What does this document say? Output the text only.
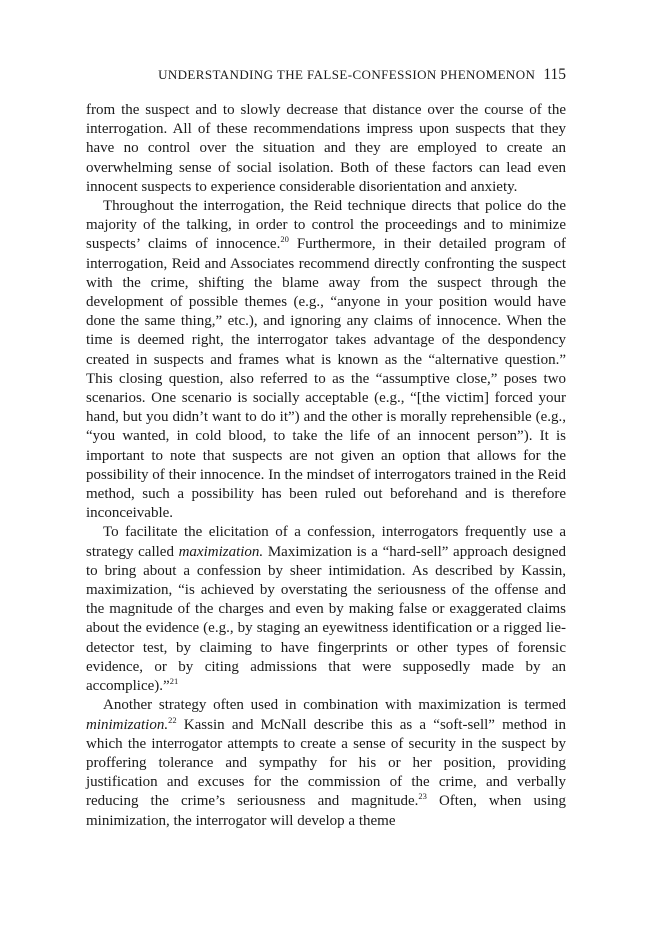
UNDERSTANDING THE FALSE-CONFESSION PHENOMENON 115

from the suspect and to slowly decrease that distance over the course of the interrogation. All of these recommendations impress upon suspects that they have no control over the situation and they are employed to create an overwhelming sense of social isolation. Both of these factors can lead even innocent suspects to experience considerable disorientation and anxiety.

Throughout the interrogation, the Reid technique directs that police do the majority of the talking, in order to control the proceedings and to minimize suspects’ claims of innocence.$^{20}$ Furthermore, in their detailed program of interrogation, Reid and Associates recommend directly confronting the suspect with the crime, shifting the blame away from the suspect through the development of possible themes (e.g., “anyone in your position would have done the same thing,” etc.), and ignoring any claims of innocence. When the time is deemed right, the interrogator takes advantage of the despondency created in suspects and frames what is known as the “alternative question.” This closing question, also referred to as the “assumptive close,” poses two scenarios. One scenario is socially acceptable (e.g., “[the victim] forced your hand, but you didn’t want to do it”) and the other is morally reprehensible (e.g., “you wanted, in cold blood, to take the life of an innocent person”). It is important to note that suspects are not given an option that allows for the possibility of their innocence. In the mindset of interrogators trained in the Reid method, such a possibility has been ruled out beforehand and is therefore inconceivable.

To facilitate the elicitation of a confession, interrogators frequently use a strategy called maximization. Maximization is a “hard-sell” approach designed to bring about a confession by sheer intimidation. As described by Kassin, maximization, “is achieved by overstating the seriousness of the offense and the magnitude of the charges and even by making false or exaggerated claims about the evidence (e.g., by staging an eyewitness identification or a rigged lie-detector test, by claiming to have fingerprints or other types of forensic evidence, or by citing admissions that were supposedly made by an accomplice).”$^{21}$

Another strategy often used in combination with maximization is termed minimization.$^{22}$ Kassin and McNall describe this as a “soft-sell” method in which the interrogator attempts to create a sense of security in the suspect by proffering tolerance and sympathy for his or her position, providing justification and excuses for the commission of the crime, and verbally reducing the crime’s seriousness and magnitude.$^{23}$ Often, when using minimization, the interrogator will develop a theme
